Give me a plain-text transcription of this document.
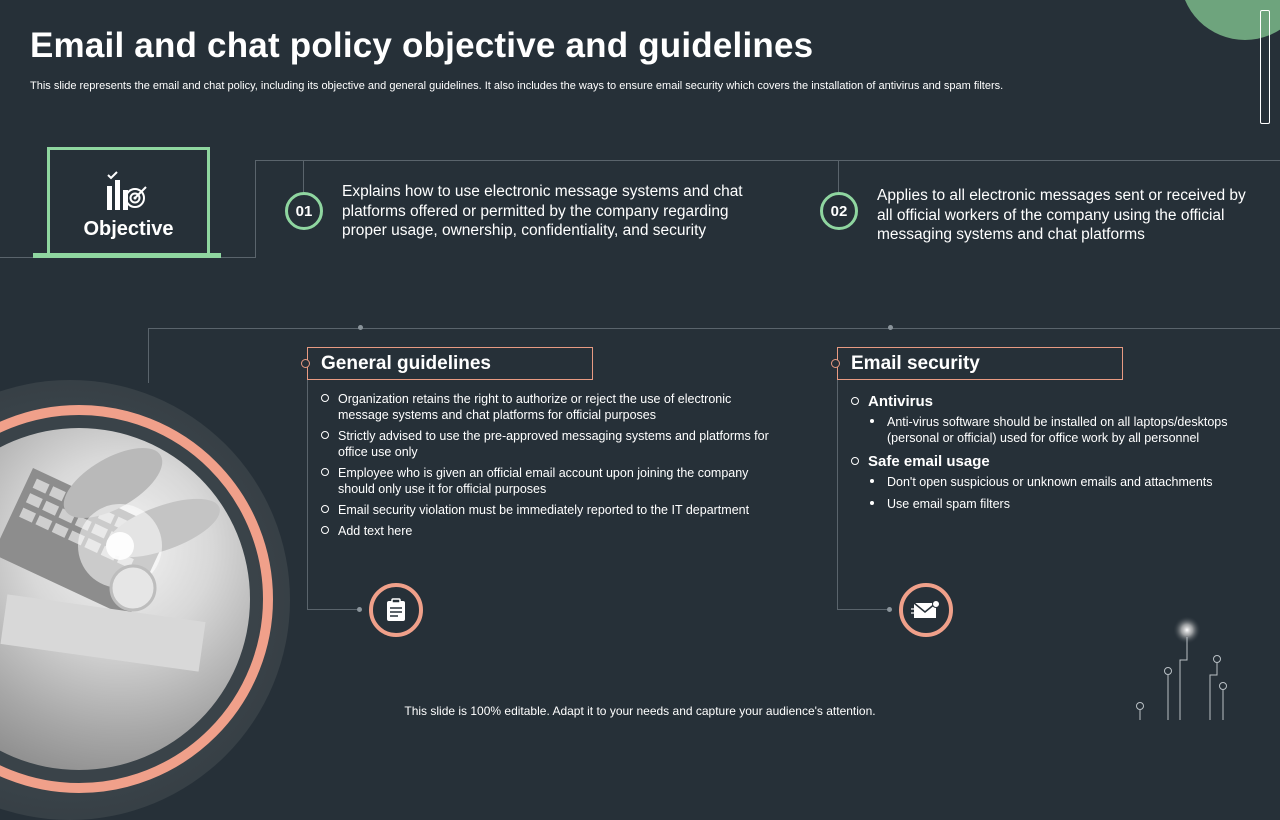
Email and chat policy objective and guidelines
This slide represents the email and chat policy, including its objective and general guidelines. It also includes the ways to ensure email security which covers the installation of antivirus and spam filters.
Objective
01
Explains how to use electronic message systems and chat platforms offered or permitted by the company regarding proper usage, ownership, confidentiality, and security
02
Applies to all electronic messages sent or received by all official workers of the company using the official messaging systems and chat platforms
General guidelines
Organization retains the right to authorize or reject the use of electronic message systems and chat platforms for official purposes
Strictly advised to use the pre-approved messaging systems and platforms for office use only
Employee who is given an official email account upon joining the company should only use it for official purposes
Email security violation must be immediately reported to the IT department
Add text here
Email security
Antivirus
Anti-virus software should be installed on all laptops/desktops (personal or official) used for office work by all personnel
Safe email usage
Don't open suspicious or unknown emails and attachments
Use email spam filters
This slide is 100% editable. Adapt it to your needs and capture your audience's attention.
